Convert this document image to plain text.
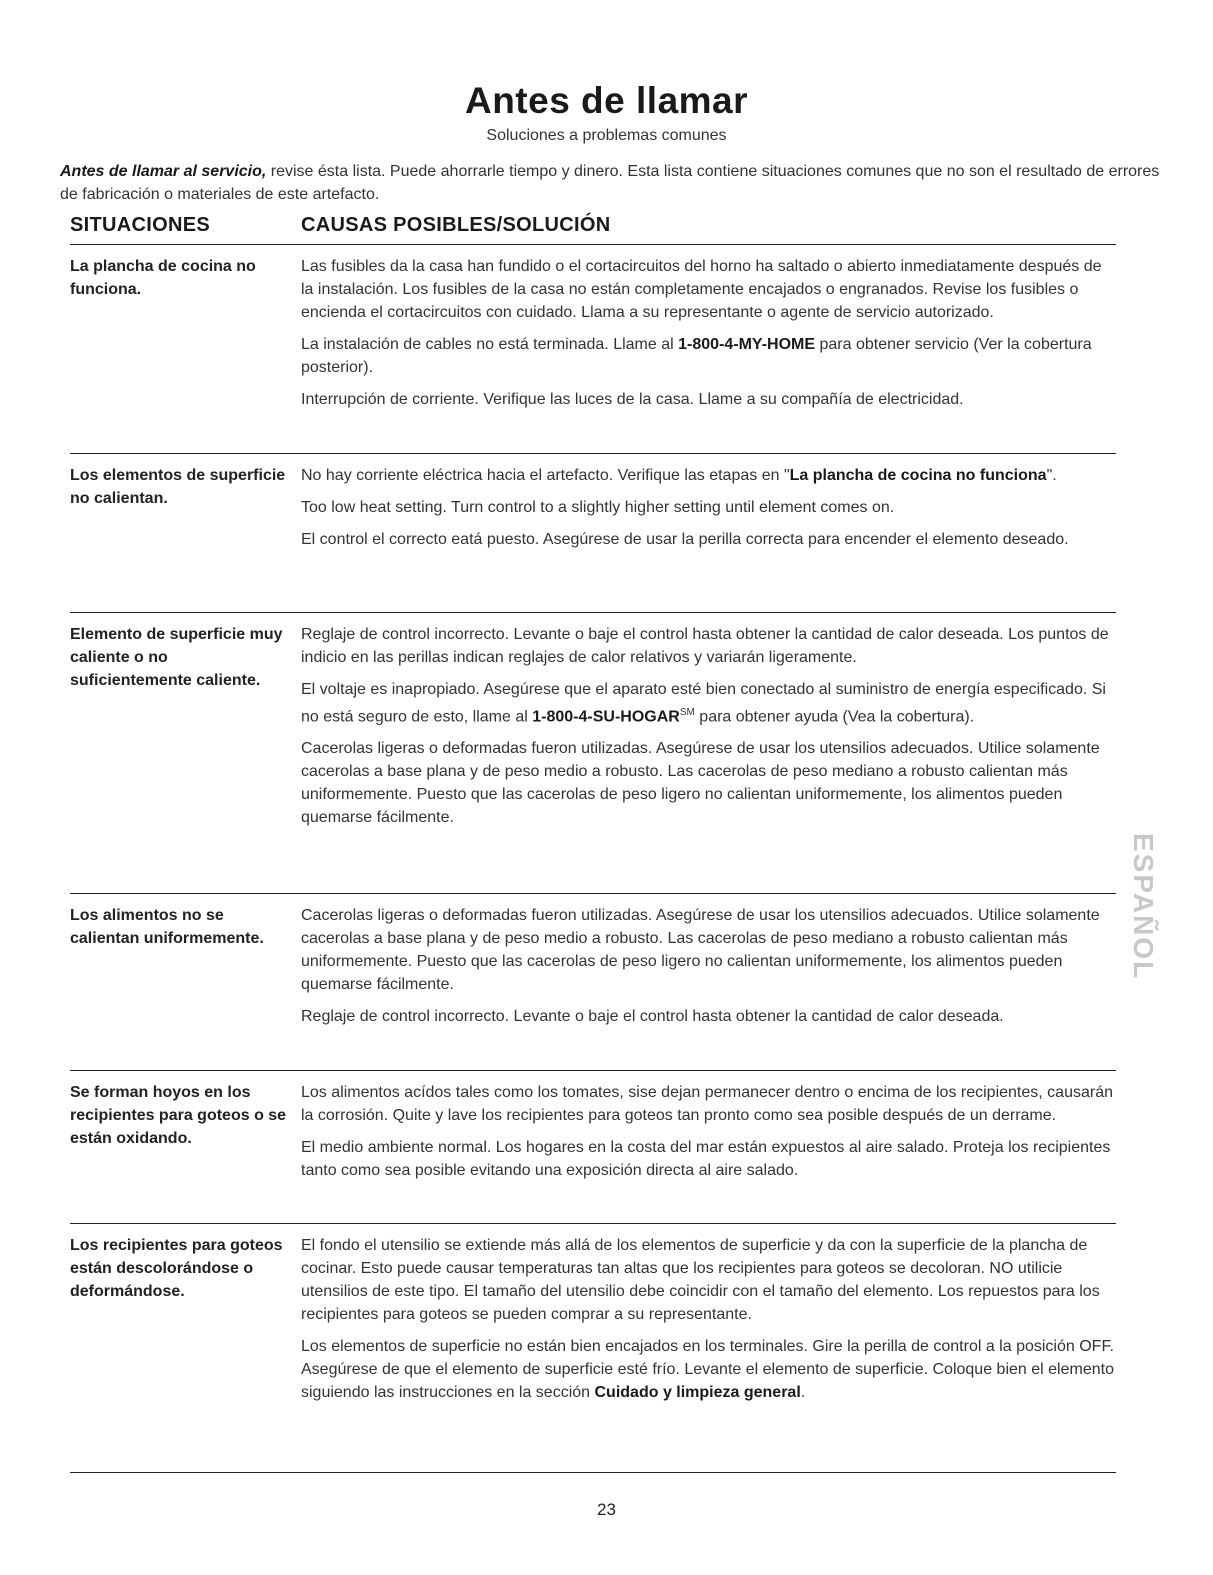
Antes de llamar
Soluciones a problemas comunes
Antes de llamar al servicio, revise ésta lista. Puede ahorrarle tiempo y dinero. Esta lista contiene situaciones comunes que no son el resultado de errores de fabricación o materiales de este artefacto.
SITUACIONES	CAUSAS POSIBLES/SOLUCIÓN
La plancha de cocina no funciona.

Las fusibles da la casa han fundido o el cortacircuitos del horno ha saltado o abierto inmediatamente después de la instalación. Los fusibles de la casa no están completamente encajados o engranados. Revise los fusibles o encienda el cortacircuitos con cuidado. Llama a su representante o agente de servicio autorizado.

La instalación de cables no está terminada. Llame al 1-800-4-MY-HOME para obtener servicio (Ver la cobertura posterior).

Interrupción de corriente. Verifique las luces de la casa. Llame a su compañía de electricidad.

Los elementos de superficie no calientan.

No hay corriente eléctrica hacia el artefacto. Verifique las etapas en "La plancha de cocina no funciona".

Too low heat setting. Turn control to a slightly higher setting until element comes on.

El control el correcto eatá puesto. Asegúrese de usar la perilla correcta para encender el elemento deseado.

Elemento de superficie muy caliente o no suficientemente caliente.

Reglaje de control incorrecto. Levante o baje el control hasta obtener la cantidad de calor deseada. Los puntos de indicio en las perillas indican reglajes de calor relativos y variarán ligeramente.

El voltaje es inapropiado. Asegúrese que el aparato esté bien conectado al suministro de energía especificado. Si no está seguro de esto, llame al 1-800-4-SU-HOGAR℠ para obtener ayuda (Vea la cobertura).

Cacerolas ligeras o deformadas fueron utilizadas. Asegúrese de usar los utensilios adecuados. Utilice solamente cacerolas a base plana y de peso medio a robusto. Las cacerolas de peso mediano a robusto calientan más uniformemente. Puesto que las cacerolas de peso ligero no calientan uniformemente, los alimentos pueden quemarse fácilmente.

Los alimentos no se calientan uniformemente.

Cacerolas ligeras o deformadas fueron utilizadas. Asegúrese de usar los utensilios adecuados. Utilice solamente cacerolas a base plana y de peso medio a robusto. Las cacerolas de peso mediano a robusto calientan más uniformemente. Puesto que las cacerolas de peso ligero no calientan uniformemente, los alimentos pueden quemarse fácilmente.

Reglaje de control incorrecto. Levante o baje el control hasta obtener la cantidad de calor deseada.

Se forman hoyos en los recipientes para goteos o se están oxidando.

Los alimentos acídos tales como los tomates, sise dejan permanecer dentro o encima de los recipientes, causarán la corrosión. Quite y lave los recipientes para goteos tan pronto como sea posible después de un derrame.

El medio ambiente normal. Los hogares en la costa del mar están expuestos al aire salado. Proteja los recipientes tanto como sea posible evitando una exposición directa al aire salado.

Los recipientes para goteos están descolorándose o deformándose.

El fondo el utensilio se extiende más allá de los elementos de superficie y da con la superficie de la plancha de cocinar. Esto puede causar temperaturas tan altas que los recipientes para goteos se decoloran. NO utilicie utensilios de este tipo. El tamaño del utensilio debe coincidir con el tamaño del elemento. Los repuestos para los recipientes para goteos se pueden comprar a su representante.

Los elementos de superficie no están bien encajados en los terminales. Gire la perilla de control a la posición OFF. Asegúrese de que el elemento de superficie esté frío. Levante el elemento de superficie. Coloque bien el elemento siguiendo las instrucciones en la sección Cuidado y limpieza general.

23
ESPAÑOL
